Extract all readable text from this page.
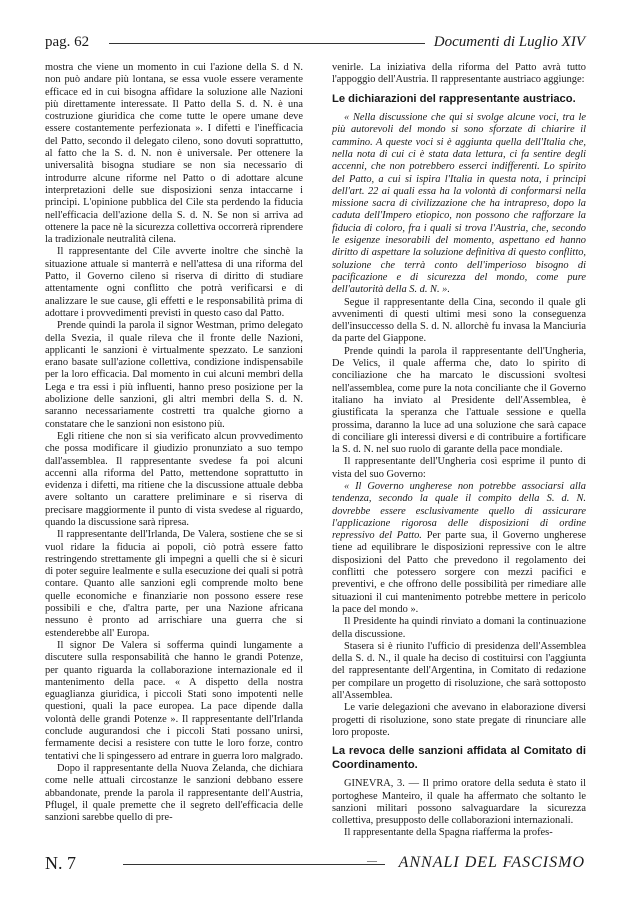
pag. 62	Documenti di Luglio XIV

mostra che viene un momento in cui l'azione della S. d N. non può andare più lontana, se essa vuole essere veramente efficace ed in cui bisogna affidare la soluzione alle Nazioni più direttamente interessate. Il Patto della S. d. N. è una costruzione giuridica che come tutte le opere umane deve essere costantemente perfezionata ». I difetti e l'inefficacia del Patto, secondo il delegato cileno, sono dovuti soprattutto, al fatto che la S. d. N. non è universale. Per ottenere la universalità bisogna studiare se non sia necessario di introdurre alcune riforme nel Patto o di adottare alcune interpretazioni delle sue disposizioni senza intaccarne i principi. L'opinione pubblica del Cile sta perdendo la fiducia nell'efficacia dell'azione della S. d. N. Se non si arriva ad ottenere la pace nè la sicurezza collettiva occorrerà riprendere la tradizionale neutralità cilena.

Il rappresentante del Cile avverte inoltre che sinchè la situazione attuale si manterrà e nell'attesa di una riforma del Patto, il Governo cileno si riserva di diritto di studiare attentamente ogni conflitto che potrà verificarsi e di analizzare le sue cause, gli effetti e le responsabilità prima di adottare i provvedimenti previsti in questo caso dal Patto.

Prende quindi la parola il signor Westman, primo delegato della Svezia, il quale rileva che il fronte delle Nazioni, applicanti le sanzioni è virtualmente spezzato. Le sanzioni erano basate sull'azione collettiva, condizione indispensabile per la loro efficacia. Dal momento in cui alcuni membri della Lega e tra essi i più influenti, hanno preso posizione per la abolizione delle sanzioni, gli altri membri della S. d. N. saranno necessariamente costretti tra qualche giorno a constatare che le sanzioni non esistono più.

Egli ritiene che non si sia verificato alcun provvedimento che possa modificare il giudizio pronunziato a suo tempo dall'assemblea. Il rappresentante svedese fa poi alcuni accenni alla riforma del Patto, mettendone soprattutto in evidenza i difetti, ma ritiene che la discussione attuale debba avere soltanto un carattere preliminare e si riserva di precisare maggiormente il punto di vista svedese al riguardo, quando la discussione sarà ripresa.

Il rappresentante dell'Irlanda, De Valera, sostiene che se si vuol ridare la fiducia ai popoli, ciò potrà essere fatto restringendo strettamente gli impegni a quelli che si è sicuri di poter seguire lealmente e sulla esecuzione dei quali si potrà contare. Quanto alle sanzioni egli comprende molto bene quelle economiche e finanziarie non possono essere rese possibili e che, d'altra parte, per una Nazione africana nessuno è pronto ad arrischiare una guerra che si estenderebbe all' Europa.

Il signor De Valera si sofferma quindi lungamente a discutere sulla responsabilità che hanno le grandi Potenze, per quanto riguarda la collaborazione internazionale ed il mantenimento della pace. « A dispetto della nostra eguaglianza giuridica, i piccoli Stati sono impotenti nelle questioni, quali la pace europea. La pace dipende dalla volontà delle grandi Potenze ». Il rappresentante dell'Irlanda conclude augurandosi che i piccoli Stati possano unirsi, fermamente decisi a resistere con tutte le loro forze, contro tentativi che li spingessero ad entrare in guerra loro malgrado.

Dopo il rappresentante della Nuova Zelanda, che dichiara come nelle attuali circostanze le sanzioni debbano essere abbandonate, prende la parola il rappresentante dell'Austria, Pflugel, il quale premette che il segreto dell'efficacia delle sanzioni sarebbe quello di pre-

venirle. La iniziativa della riforma del Patto avrà tutto l'appoggio dell'Austria. Il rappresentante austriaco aggiunge:

Le dichiarazioni del rappresentante austriaco.

« Nella discussione che qui si svolge alcune voci, tra le più autorevoli del mondo si sono sforzate di chiarire il cammino. A queste voci si è aggiunta quella dell'Italia che, nella nota di cui ci è stata data lettura, ci fa sentire degli accenni, che non potrebbero esserci indifferenti. Lo spirito del Patto, a cui si ispira l'Italia in questa nota, i principi dell'art. 22 ai quali essa ha la volontà di conformarsi nella missione sacra di civilizzazione che ha intrapreso, dopo la caduta dell'Impero etiopico, non possono che rafforzare la fiducia di coloro, fra i quali si trova l'Austria, che, secondo le esigenze inesorabili del momento, aspettano ed hanno diritto di aspettare la soluzione definitiva di questo conflitto, soluzione che terrà conto dell'imperioso bisogno di pacificazione e di sicurezza del mondo, come pure dell'autorità della S. d. N. ».

Segue il rappresentante della Cina, secondo il quale gli avvenimenti di questi ultimi mesi sono la conseguenza dell'insuccesso della S. d. N. allorchè fu invasa la Manciuria da parte del Giappone.

Prende quindi la parola il rappresentante dell'Ungheria, De Velics, il quale afferma che, dato lo spirito di conciliazione che ha marcato le discussioni svoltesi nell'assemblea, come pure la nota conciliante che il Governo italiano ha inviato al Presidente dell'Assemblea, è giustificata la speranza che l'attuale sessione e quella prossima, daranno la luce ad una soluzione che sarà capace di conciliare gli interessi diversi e di contribuire a fortificare la S. d. N. nel suo ruolo di garante della pace mondiale.

Il rappresentante dell'Ungheria così esprime il punto di vista del suo Governo:

« Il Governo ungherese non potrebbe associarsi alla tendenza, secondo la quale il compito della S. d. N. dovrebbe essere esclusivamente quello di assicurare l'applicazione rigorosa delle disposizioni di ordine repressivo del Patto. Per parte sua, il Governo ungherese tiene ad equilibrare le disposizioni repressive con le altre disposizioni del Patto che prevedono il regolamento dei conflitti che potessero sorgere con mezzi pacifici e preventivi, e che offrono delle possibilità per rimediare alle situazioni il cui mantenimento potrebbe mettere in pericolo la pace del mondo ».

Il Presidente ha quindi rinviato a domani la continuazione della discussione.

Stasera si è riunito l'ufficio di presidenza dell'Assemblea della S. d. N., il quale ha deciso di costituirsi con l'aggiunta del rappresentante dell'Argentina, in Comitato di redazione per compilare un progetto di risoluzione, che sarà sottoposto all'Assemblea.

Le varie delegazioni che avevano in elaborazione diversi progetti di risoluzione, sono state pregate di rinunciare alle loro proposte.

La revoca delle sanzioni affidata al Comitato di Coordinamento.

GINEVRA, 3. — Il primo oratore della seduta è stato il portoghese Manteiro, il quale ha affermato che soltanto le sanzioni militari possono salvaguardare la sicurezza collettiva, presupposto delle collaborazioni internazionali.

Il rappresentante della Spagna riafferma la profes-

N. 7	— ANNALI DEL FASCISMO
